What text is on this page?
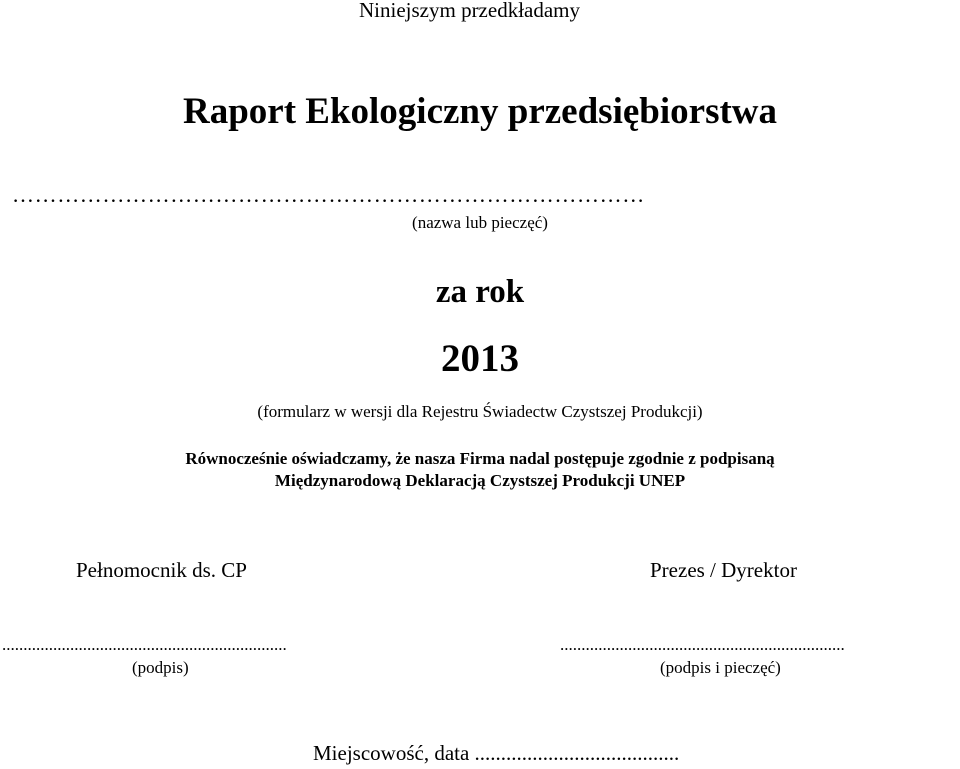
Niniejszym przedkładamy
Raport Ekologiczny przedsiębiorstwa
…………………………………………………………………………
(nazwa lub pieczęć)
za rok
2013
(formularz w wersji dla Rejestru Świadectw Czystszej Produkcji)
Równocześnie oświadczamy, że nasza Firma nadal postępuje zgodnie z podpisaną
Międzynarodową Deklaracją Czystszej Produkcji UNEP
Pełnomocnik ds. CP	Prezes / Dyrektor
...................................................................	...................................................................
(podpis)	(podpis i pieczęć)
Miejscowość, data .......................................
